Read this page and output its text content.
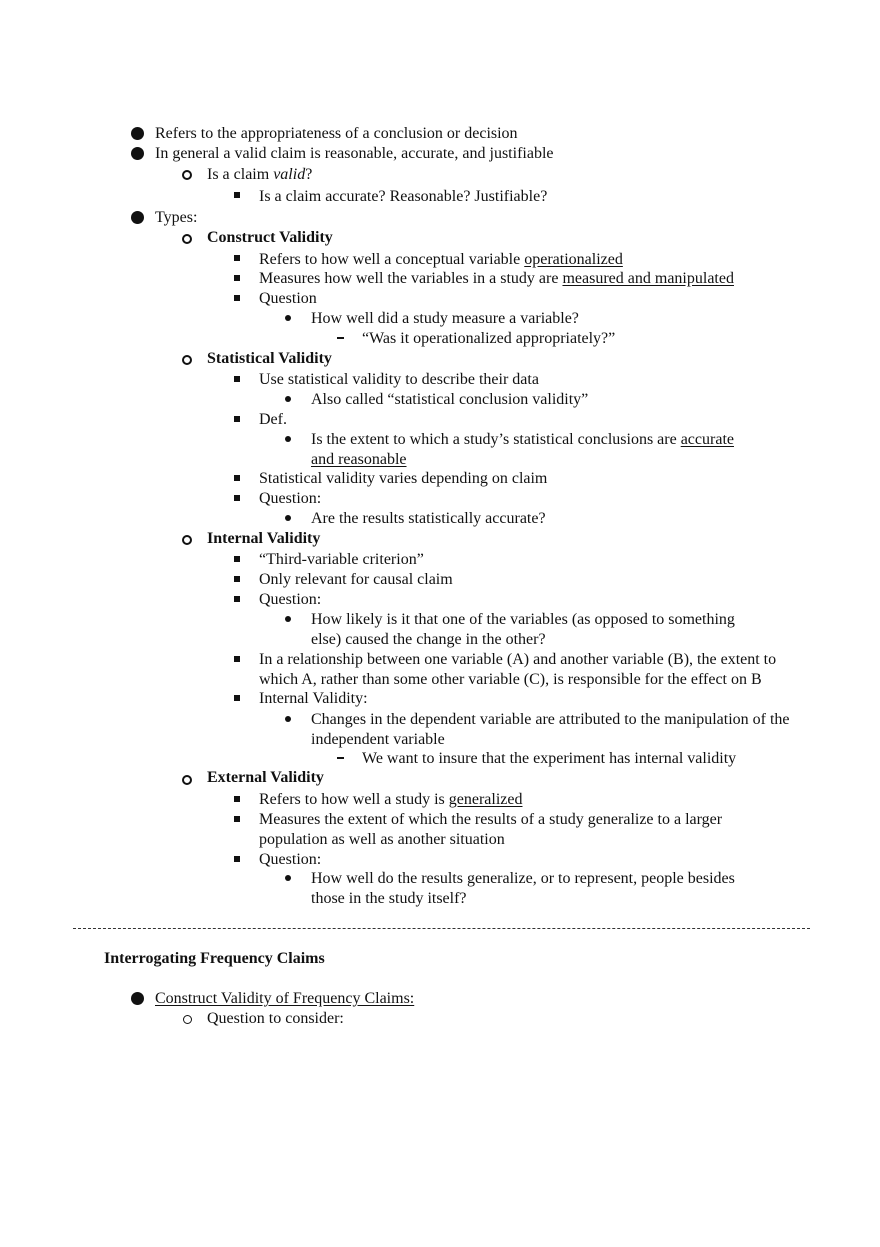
Refers to the appropriateness of a conclusion or decision
In general a valid claim is reasonable, accurate, and justifiable
Is a claim valid?
Is a claim accurate? Reasonable? Justifiable?
Types:
Construct Validity
Refers to how well a conceptual variable operationalized
Measures how well the variables in a study are measured and manipulated
Question
How well did a study measure a variable?
“Was it operationalized appropriately?”
Statistical Validity
Use statistical validity to describe their data
Also called “statistical conclusion validity”
Def.
Is the extent to which a study’s statistical conclusions are accurate
and reasonable
Statistical validity varies depending on claim
Question:
Are the results statistically accurate?
Internal Validity
“Third-variable criterion”
Only relevant for causal claim
Question:
How likely is it that one of the variables (as opposed to something
else) caused the change in the other?
In a relationship between one variable (A) and another variable (B), the extent to
which A, rather than some other variable (C), is responsible for the effect on B
Internal Validity:
Changes in the dependent variable are attributed to the manipulation of the
independent variable
We want to insure that the experiment has internal validity
External Validity
Refers to how well a study is generalized
Measures the extent of which the results of a study generalize to a larger
population as well as another situation
Question:
How well do the results generalize, or to represent, people besides
those in the study itself?
Interrogating Frequency Claims
Construct Validity of Frequency Claims:
Question to consider:
